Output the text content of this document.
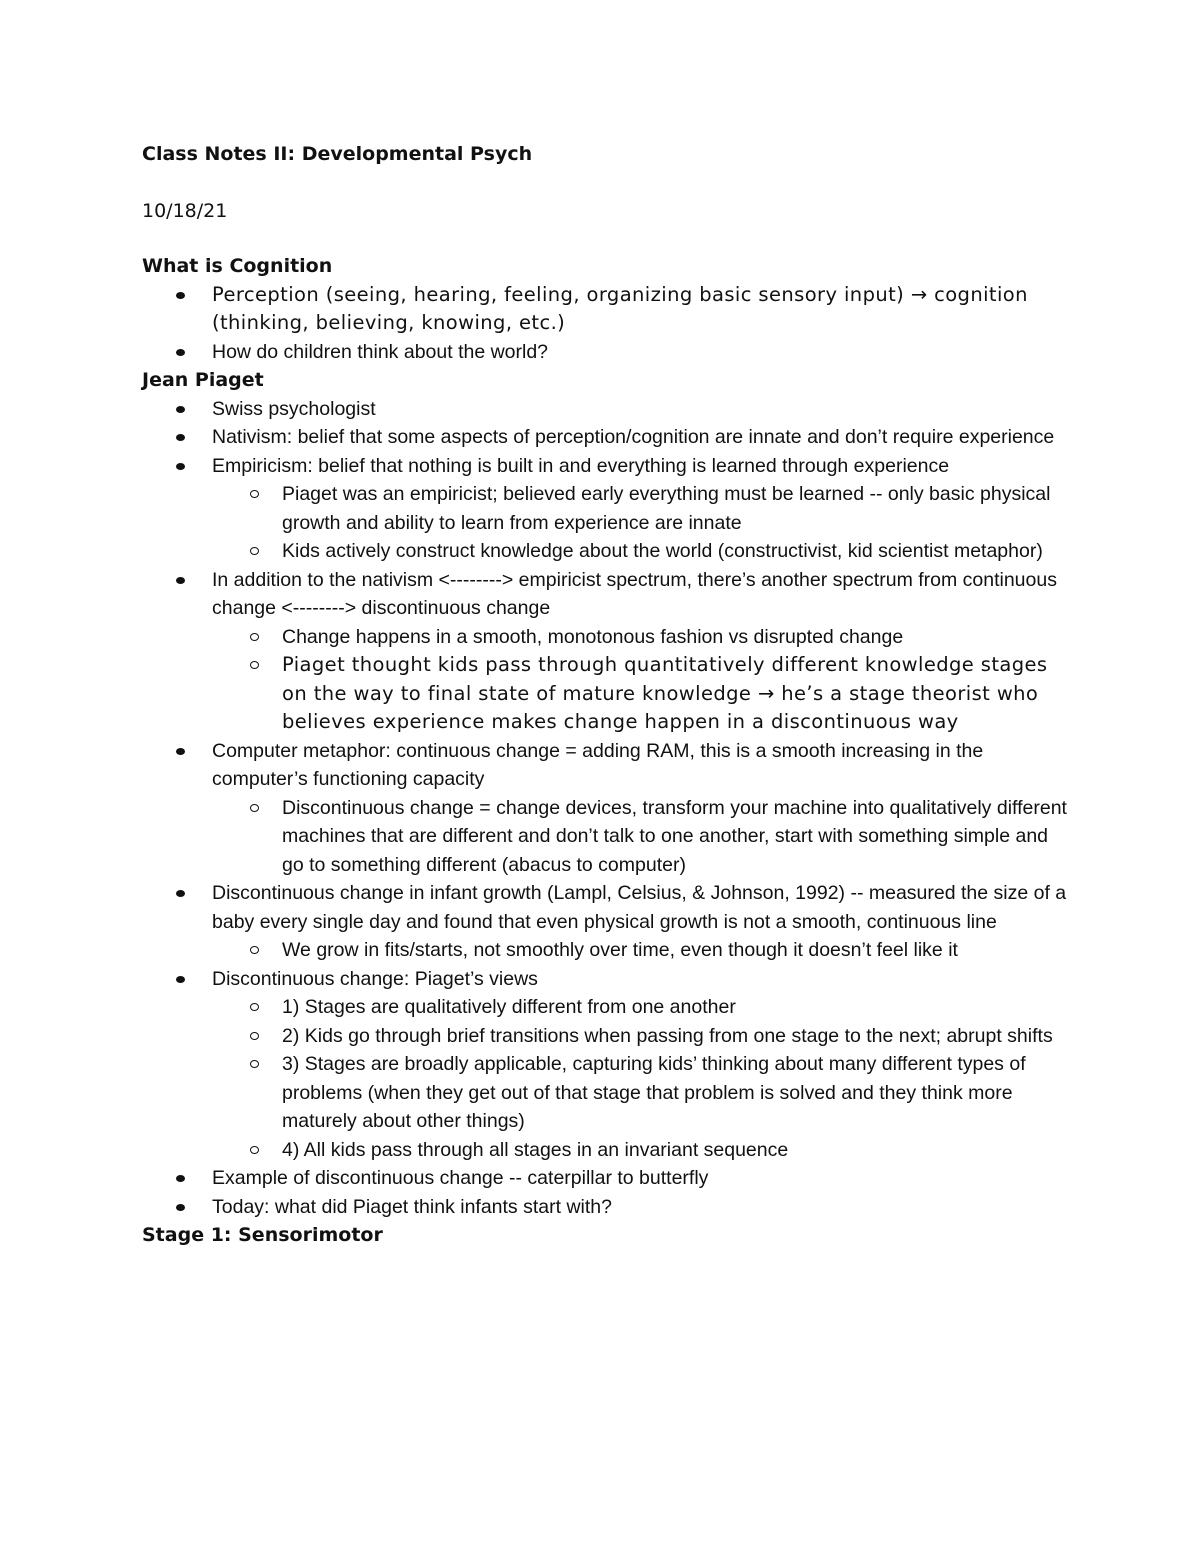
Class Notes II: Developmental Psych
10/18/21
What is Cognition
Perception (seeing, hearing, feeling, organizing basic sensory input) → cognition (thinking, believing, knowing, etc.)
How do children think about the world?
Jean Piaget
Swiss psychologist
Nativism: belief that some aspects of perception/cognition are innate and don’t require experience
Empiricism: belief that nothing is built in and everything is learned through experience
Piaget was an empiricist; believed early everything must be learned -- only basic physical growth and ability to learn from experience are innate
Kids actively construct knowledge about the world (constructivist, kid scientist metaphor)
In addition to the nativism <--------> empiricist spectrum, there’s another spectrum from continuous change <--------> discontinuous change
Change happens in a smooth, monotonous fashion vs disrupted change
Piaget thought kids pass through quantitatively different knowledge stages on the way to final state of mature knowledge → he’s a stage theorist who believes experience makes change happen in a discontinuous way
Computer metaphor: continuous change = adding RAM, this is a smooth increasing in the computer’s functioning capacity
Discontinuous change = change devices, transform your machine into qualitatively different machines that are different and don’t talk to one another, start with something simple and go to something different (abacus to computer)
Discontinuous change in infant growth (Lampl, Celsius, & Johnson, 1992) -- measured the size of a baby every single day and found that even physical growth is not a smooth, continuous line
We grow in fits/starts, not smoothly over time, even though it doesn’t feel like it
Discontinuous change: Piaget’s views
1) Stages are qualitatively different from one another
2) Kids go through brief transitions when passing from one stage to the next; abrupt shifts
3) Stages are broadly applicable, capturing kids’ thinking about many different types of problems (when they get out of that stage that problem is solved and they think more maturely about other things)
4) All kids pass through all stages in an invariant sequence
Example of discontinuous change -- caterpillar to butterfly
Today: what did Piaget think infants start with?
Stage 1: Sensorimotor
